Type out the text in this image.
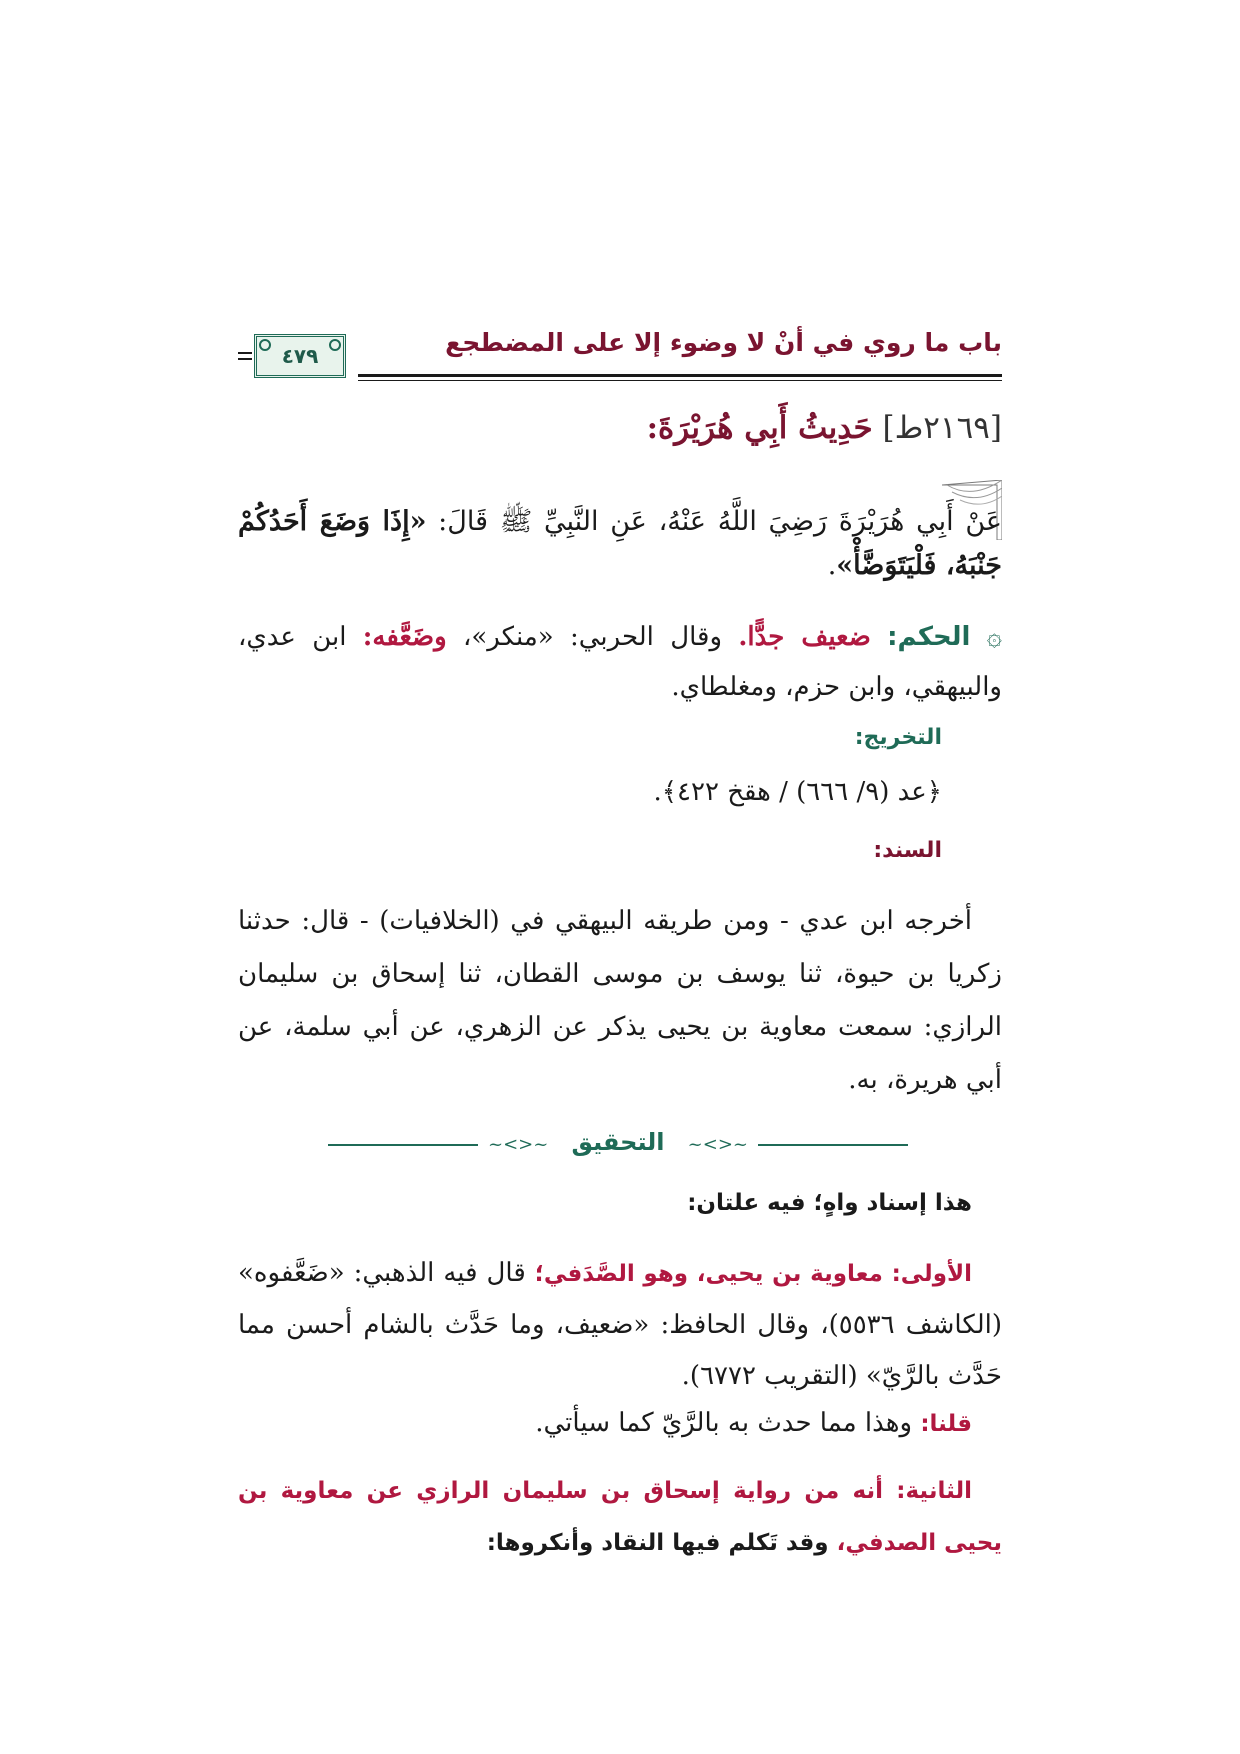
باب ما روي في أنْ لا وضوء إلا على المضطجع
٤٧٩
[٢١٦٩ط] حَدِيثُ أَبِي هُرَيْرَةَ:
عَنْ أَبِي هُرَيْرَةَ رَضِيَ اللَّهُ عَنْهُ، عَنِ النَّبِيِّ ﷺ قَالَ: «إِذَا وَضَعَ أَحَدُكُمْ جَنْبَهُ، فَلْيَتَوَضَّأْ».
۞ الحكم: ضعيف جدًّا. وقال الحربي: «منكر»، وضَعَّفه: ابن عدي، والبيهقي، وابن حزم، ومغلطاي.
التخريج:
﴿عد (٩/ ٦٦٦) / هقخ ٤٢٢﴾.
السند:
أخرجه ابن عدي - ومن طريقه البيهقي في (الخلافيات) - قال: حدثنا زكريا بن حيوة، ثنا يوسف بن موسى القطان، ثنا إسحاق بن سليمان الرازي: سمعت معاوية بن يحيى يذكر عن الزهري، عن أبي سلمة، عن أبي هريرة، به.
~<>~ التحقيق	~<>~
هذا إسناد واهٍ؛ فيه علتان:
الأولى: معاوية بن يحيى، وهو الصَّدَفي؛ قال فيه الذهبي: «ضَعَّفوه» (الكاشف ٥٥٣٦)، وقال الحافظ: «ضعيف، وما حَدَّث بالشام أحسن مما حَدَّث بالرَّيّ» (التقريب ٦٧٧٢).
قلنا: وهذا مما حدث به بالرَّيّ كما سيأتي.
الثانية: أنه من رواية إسحاق بن سليمان الرازي عن معاوية بن يحيى الصدفي، وقد تَكلم فيها النقاد وأنكروها:
